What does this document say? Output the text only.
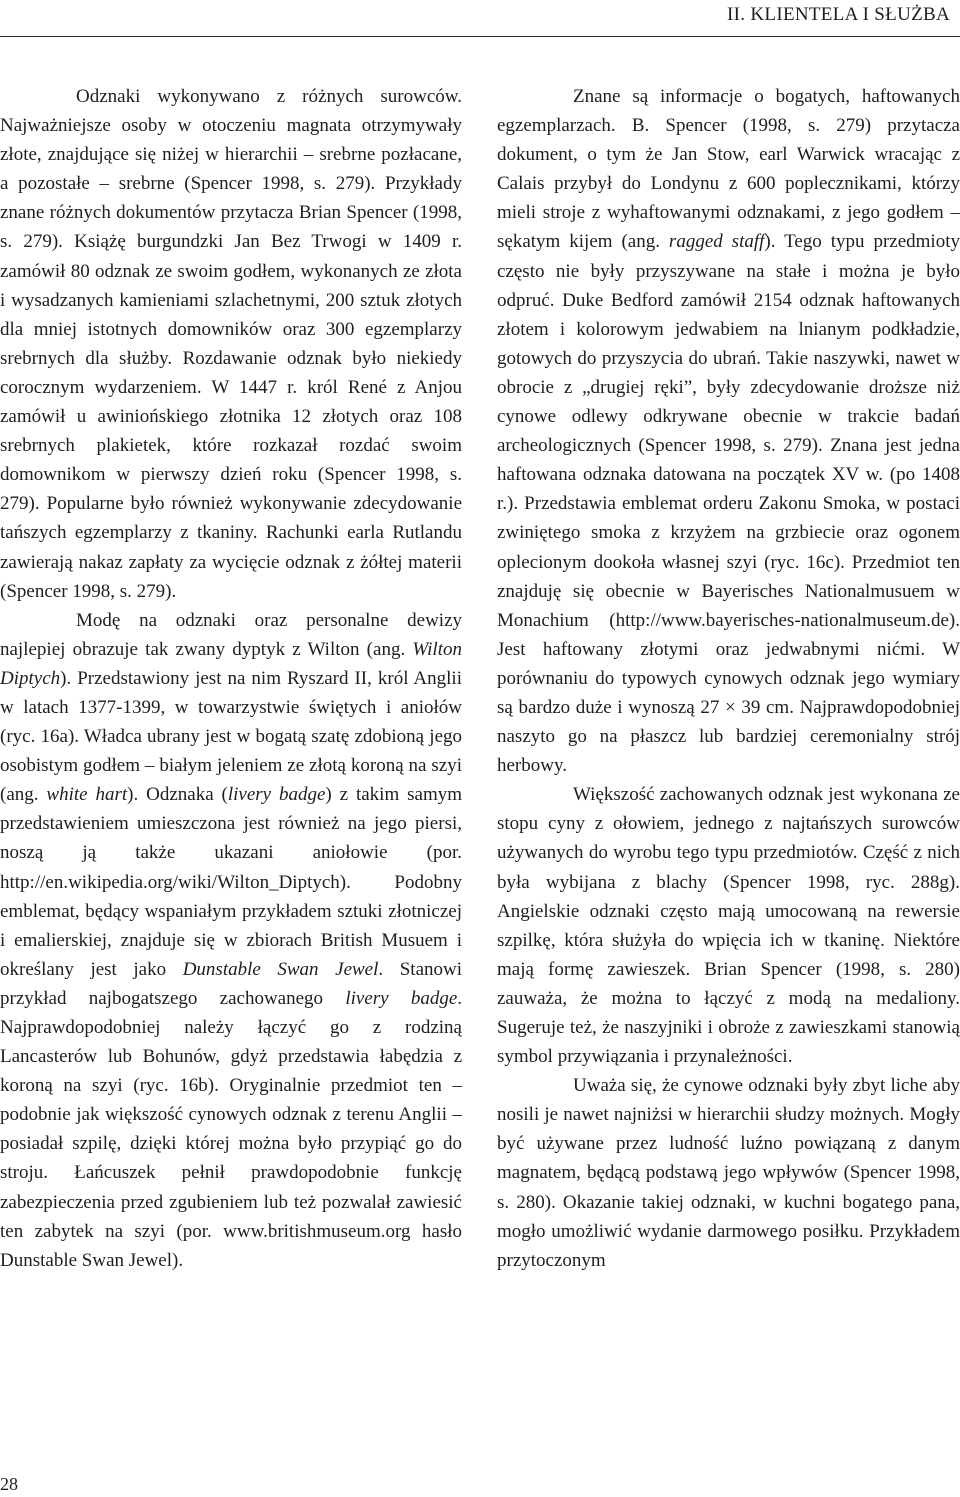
II. KLIENTELA I SŁUŻBA

Odznaki wykonywano z różnych surowców. Najważniejsze osoby w otoczeniu magnata otrzymywały złote, znajdujące się niżej w hierarchii – srebrne pozłacane, a pozostałe – srebrne (Spencer 1998, s. 279). Przykłady znane różnych dokumentów przytacza Brian Spencer (1998, s. 279). Książę burgundzki Jan Bez Trwogi w 1409 r. zamówił 80 odznak ze swoim godłem, wykonanych ze złota i wysadzanych kamieniami szlachetnymi, 200 sztuk złotych dla mniej istotnych domowników oraz 300 egzemplarzy srebrnych dla służby. Rozdawanie odznak było niekiedy corocznym wydarzeniem. W 1447 r. król René z Anjou zamówił u awiniońskiego złotnika 12 złotych oraz 108 srebrnych plakietek, które rozkazał rozdać swoim domownikom w pierwszy dzień roku (Spencer 1998, s. 279). Popularne było również wykonywanie zdecydowanie tańszych egzemplarzy z tkaniny. Rachunki earla Rutlandu zawierają nakaz zapłaty za wycięcie odznak z żółtej materii (Spencer 1998, s. 279).

Modę na odznaki oraz personalne dewizy najlepiej obrazuje tak zwany dyptyk z Wilton (ang. Wilton Diptych). Przedstawiony jest na nim Ryszard II, król Anglii w latach 1377-1399, w towarzystwie świętych i aniołów (ryc. 16a). Władca ubrany jest w bogatą szatę zdobioną jego osobistym godłem – białym jeleniem ze złotą koroną na szyi (ang. white hart). Odznaka (livery badge) z takim samym przedstawieniem umieszczona jest również na jego piersi, noszą ją także ukazani aniołowie (por. http://en.wikipedia.org/wiki/Wilton_Diptych). Podobny emblemat, będący wspaniałym przykładem sztuki złotniczej i emalierskiej, znajduje się w zbiorach British Musuem i określany jest jako Dunstable Swan Jewel. Stanowi przykład najbogatszego zachowanego livery badge. Najprawdopodobniej należy łączyć go z rodziną Lancasterów lub Bohunów, gdyż przedstawia łabędzia z koroną na szyi (ryc. 16b). Oryginalnie przedmiot ten – podobnie jak większość cynowych odznak z terenu Anglii – posiadał szpilę, dzięki której można było przypiąć go do stroju. Łańcuszek pełnił prawdopodobnie funkcję zabezpieczenia przed zgubieniem lub też pozwalał zawiesić ten zabytek na szyi (por. www.britishmuseum.org hasło Dunstable Swan Jewel).

Znane są informacje o bogatych, haftowanych egzemplarzach. B. Spencer (1998, s. 279) przytacza dokument, o tym że Jan Stow, earl Warwick wracając z Calais przybył do Londynu z 600 poplecznikami, którzy mieli stroje z wyhaftowanymi odznakami, z jego godłem – sękatym kijem (ang. ragged staff). Tego typu przedmioty często nie były przyszywane na stałe i można je było odpruć. Duke Bedford zamówił 2154 odznak haftowanych złotem i kolorowym jedwabiem na lnianym podkładzie, gotowych do przyszycia do ubrań. Takie naszywki, nawet w obrocie z „drugiej ręki”, były zdecydowanie droższe niż cynowe odlewy odkrywane obecnie w trakcie badań archeologicznych (Spencer 1998, s. 279). Znana jest jedna haftowana odznaka datowana na początek XV w. (po 1408 r.). Przedstawia emblemat orderu Zakonu Smoka, w postaci zwiniętego smoka z krzyżem na grzbiecie oraz ogonem oplecionym dookoła własnej szyi (ryc. 16c). Przedmiot ten znajduję się obecnie w Bayerisches Nationalmusuem w Monachium (http://www.bayerisches-nationalmuseum.de). Jest haftowany złotymi oraz jedwabnymi nićmi. W porównaniu do typowych cynowych odznak jego wymiary są bardzo duże i wynoszą 27 × 39 cm. Najprawdopodobniej naszyto go na płaszcz lub bardziej ceremonialny strój herbowy.

Większość zachowanych odznak jest wykonana ze stopu cyny z ołowiem, jednego z najtańszych surowców używanych do wyrobu tego typu przedmiotów. Część z nich była wybijana z blachy (Spencer 1998, ryc. 288g). Angielskie odznaki często mają umocowaną na rewersie szpilkę, która służyła do wpięcia ich w tkaninę. Niektóre mają formę zawieszek. Brian Spencer (1998, s. 280) zauważa, że można to łączyć z modą na medaliony. Sugeruje też, że naszyjniki i obroże z zawieszkami stanowią symbol przywiązania i przynależności.

Uważa się, że cynowe odznaki były zbyt liche aby nosili je nawet najniżsi w hierarchii słudzy możnych. Mogły być używane przez ludność luźno powiązaną z danym magnatem, będącą podstawą jego wpływów (Spencer 1998, s. 280). Okazanie takiej odznaki, w kuchni bogatego pana, mogło umożliwić wydanie darmowego posiłku. Przykładem przytoczonym

28
